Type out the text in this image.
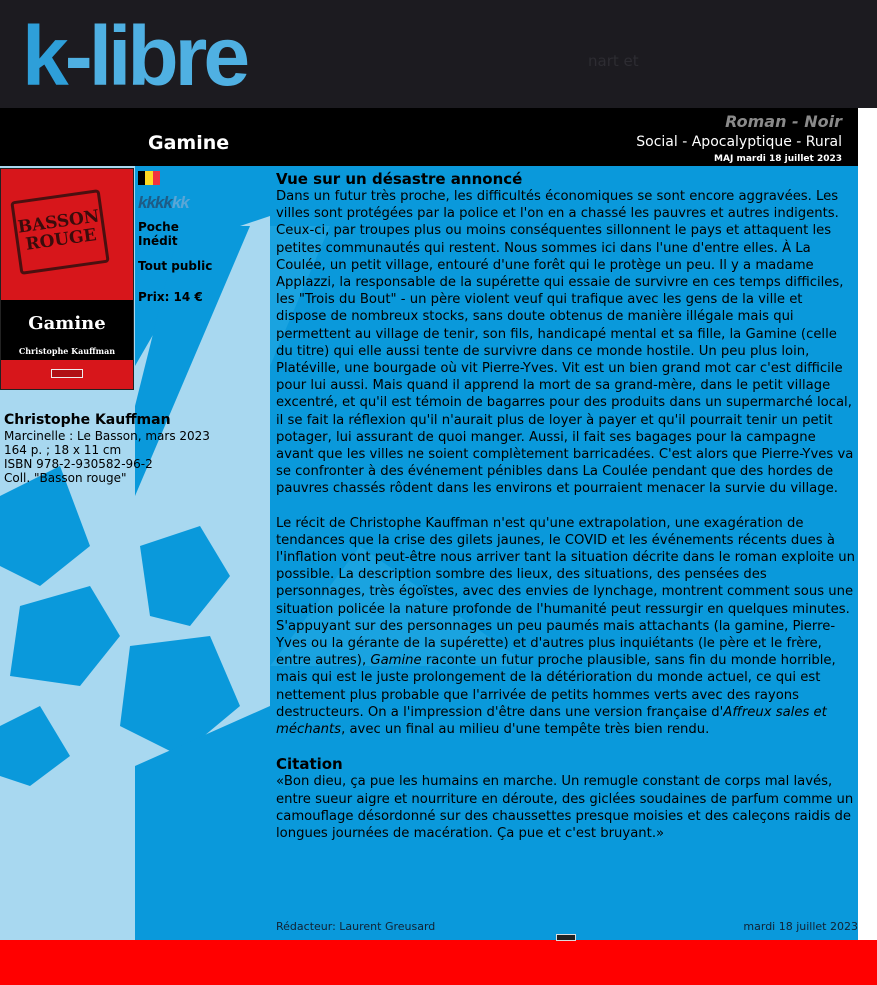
k-libre	nart et
Gamine
Roman - Noir
Social - Apocalyptique - Rural
MAJ mardi 18 juillet 2023
BASSON ROUGE
Gamine
Christophe Kauffman
kkkkkk
Poche
Inédit
Tout public
Prix: 14 €
Christophe Kauffman
Marcinelle : Le Basson, mars 2023
164 p. ; 18 x 11 cm
ISBN 978-2-930582-96-2
Coll. "Basson rouge"
Vue sur un désastre annoncé

Dans un futur très proche, les difficultés économiques se sont encore aggravées. Les villes sont protégées par la police et l'on en a chassé les pauvres et autres indigents. Ceux-ci, par troupes plus ou moins conséquentes sillonnent le pays et attaquent les petites communautés qui restent. Nous sommes ici dans l'une d'entre elles. À La Coulée, un petit village, entouré d'une forêt qui le protège un peu. Il y a madame Applazzi, la responsable de la supérette qui essaie de survivre en ces temps difficiles, les "Trois du Bout" - un père violent veuf qui trafique avec les gens de la ville et dispose de nombreux stocks, sans doute obtenus de manière illégale mais qui permettent au village de tenir, son fils, handicapé mental et sa fille, la Gamine (celle du titre) qui elle aussi tente de survivre dans ce monde hostile. Un peu plus loin, Platéville, une bourgade où vit Pierre-Yves. Vit est un bien grand mot car c'est difficile pour lui aussi. Mais quand il apprend la mort de sa grand-mère, dans le petit village excentré, et qu'il est témoin de bagarres pour des produits dans un supermarché local, il se fait la réflexion qu'il n'aurait plus de loyer à payer et qu'il pourrait tenir un petit potager, lui assurant de quoi manger. Aussi, il fait ses bagages pour la campagne avant que les villes ne soient complètement barricadées. C'est alors que Pierre-Yves va se confronter à des événement pénibles dans La Coulée pendant que des hordes de pauvres chassés rôdent dans les environs et pourraient menacer la survie du village.

Le récit de Christophe Kauffman n'est qu'une extrapolation, une exagération de tendances que la crise des gilets jaunes, le COVID et les événements récents dues à l'inflation vont peut-être nous arriver tant la situation décrite dans le roman exploite un possible. La description sombre des lieux, des situations, des pensées des personnages, très égoïstes, avec des envies de lynchage, montrent comment sous une situation policée la nature profonde de l'humanité peut ressurgir en quelques minutes. S'appuyant sur des personnages un peu paumés mais attachants (la gamine, Pierre-Yves ou la gérante de la supérette) et d'autres plus inquiétants (le père et le frère, entre autres), Gamine raconte un futur proche plausible, sans fin du monde horrible, mais qui est le juste prolongement de la détérioration du monde actuel, ce qui est nettement plus probable que l'arrivée de petits hommes verts avec des rayons destructeurs. On a l'impression d'être dans une version française d'Affreux sales et méchants, avec un final au milieu d'une tempête très bien rendu.

Citation

«Bon dieu, ça pue les humains en marche. Un remugle constant de corps mal lavés, entre sueur aigre et nourriture en déroute, des giclées soudaines de parfum comme un camouflage désordonné sur des chaussettes presque moisies et des caleçons raidis de longues journées de macération. Ça pue et c'est bruyant.»

Rédacteur: Laurent Greusard	mardi 18 juillet 2023
